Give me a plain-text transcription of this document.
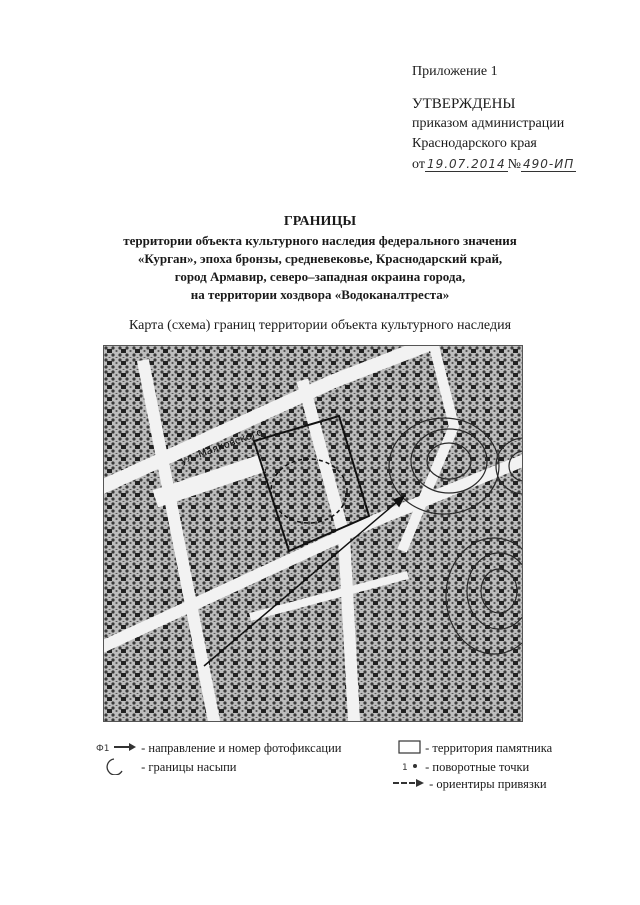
Приложение 1
УТВЕРЖДЕНЫ
приказом администрации
Краснодарского края
от 19.07.2014 № 490-ИП
ГРАНИЦЫ
территории объекта культурного наследия федерального значения
«Курган», эпоха бронзы, средневековье, Краснодарский край,
город Армавир, северо–западная окраина города,
на территории хоздвора «Водоканалтреста»
Карта (схема) границ территории объекта культурного наследия
ул. Маяковского
Ф1	- направление и номер фотофиксации
- границы насыпи
- территория памятника
1 - поворотные точки
- ориентиры привязки
